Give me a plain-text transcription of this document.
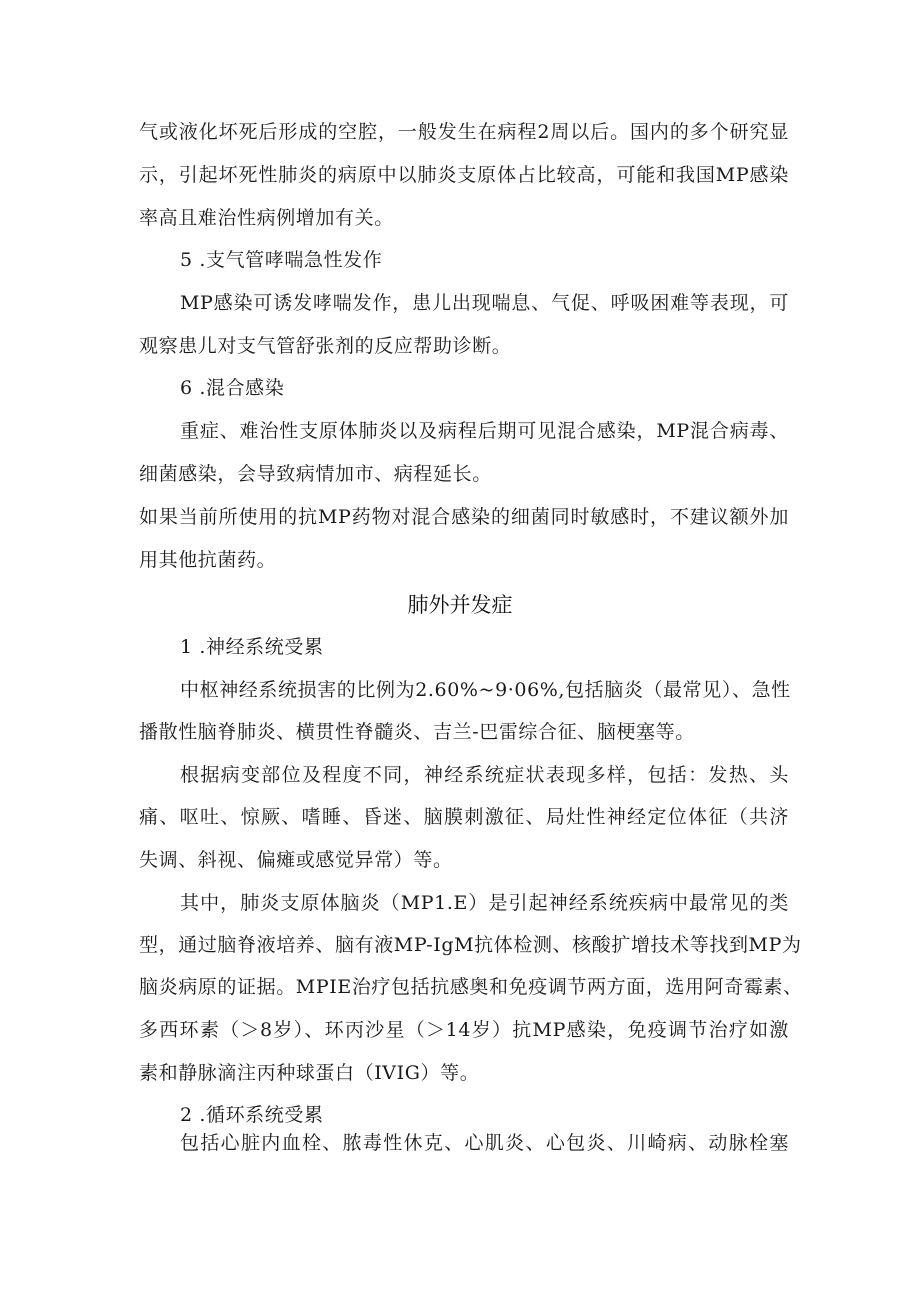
气或液化坏死后形成的空腔，一般发生在病程2周以后。国内的多个研究显
示，引起坏死性肺炎的病原中以肺炎支原体占比较高，可能和我国MP感染
率高且难治性病例增加有关。
5 .支气管哮喘急性发作
MP感染可诱发哮喘发作，患儿出现喘息、气促、呼吸困难等表现，可
观察患儿对支气管舒张剂的反应帮助诊断。
6 .混合感染
重症、难治性支原体肺炎以及病程后期可见混合感染，MP混合病毒、
细菌感染，会导致病情加市、病程延长。
如果当前所使用的抗MP药物对混合感染的细菌同时敏感时，不建议额外加
用其他抗菌药。
肺外并发症
1 .神经系统受累
中枢神经系统损害的比例为2.60%~9·06%,包括脑炎（最常见）、急性
播散性脑脊肺炎、横贯性脊髓炎、吉兰-巴雷综合征、脑梗塞等。
根据病变部位及程度不同，神经系统症状表现多样，包括：发热、头
痛、呕吐、惊厥、嗜睡、昏迷、脑膜刺激征、局灶性神经定位体征（共济
失调、斜视、偏瘫或感觉异常）等。
其中，肺炎支原体脑炎（MP1.E）是引起神经系统疾病中最常见的类
型，通过脑脊液培养、脑有液MP-IgM抗体检测、核酸扩增技术等找到MP为
脑炎病原的证据。MPIE治疗包括抗感奥和免疫调节两方面，选用阿奇霉素、
多西环素（＞8岁）、环丙沙星（＞14岁）抗MP感染，免疫调节治疗如激
素和静脉滴注丙种球蛋白（IVIG）等。
2 .循环系统受累
包括心脏内血栓、脓毒性休克、心肌炎、心包炎、川崎病、动脉栓塞
